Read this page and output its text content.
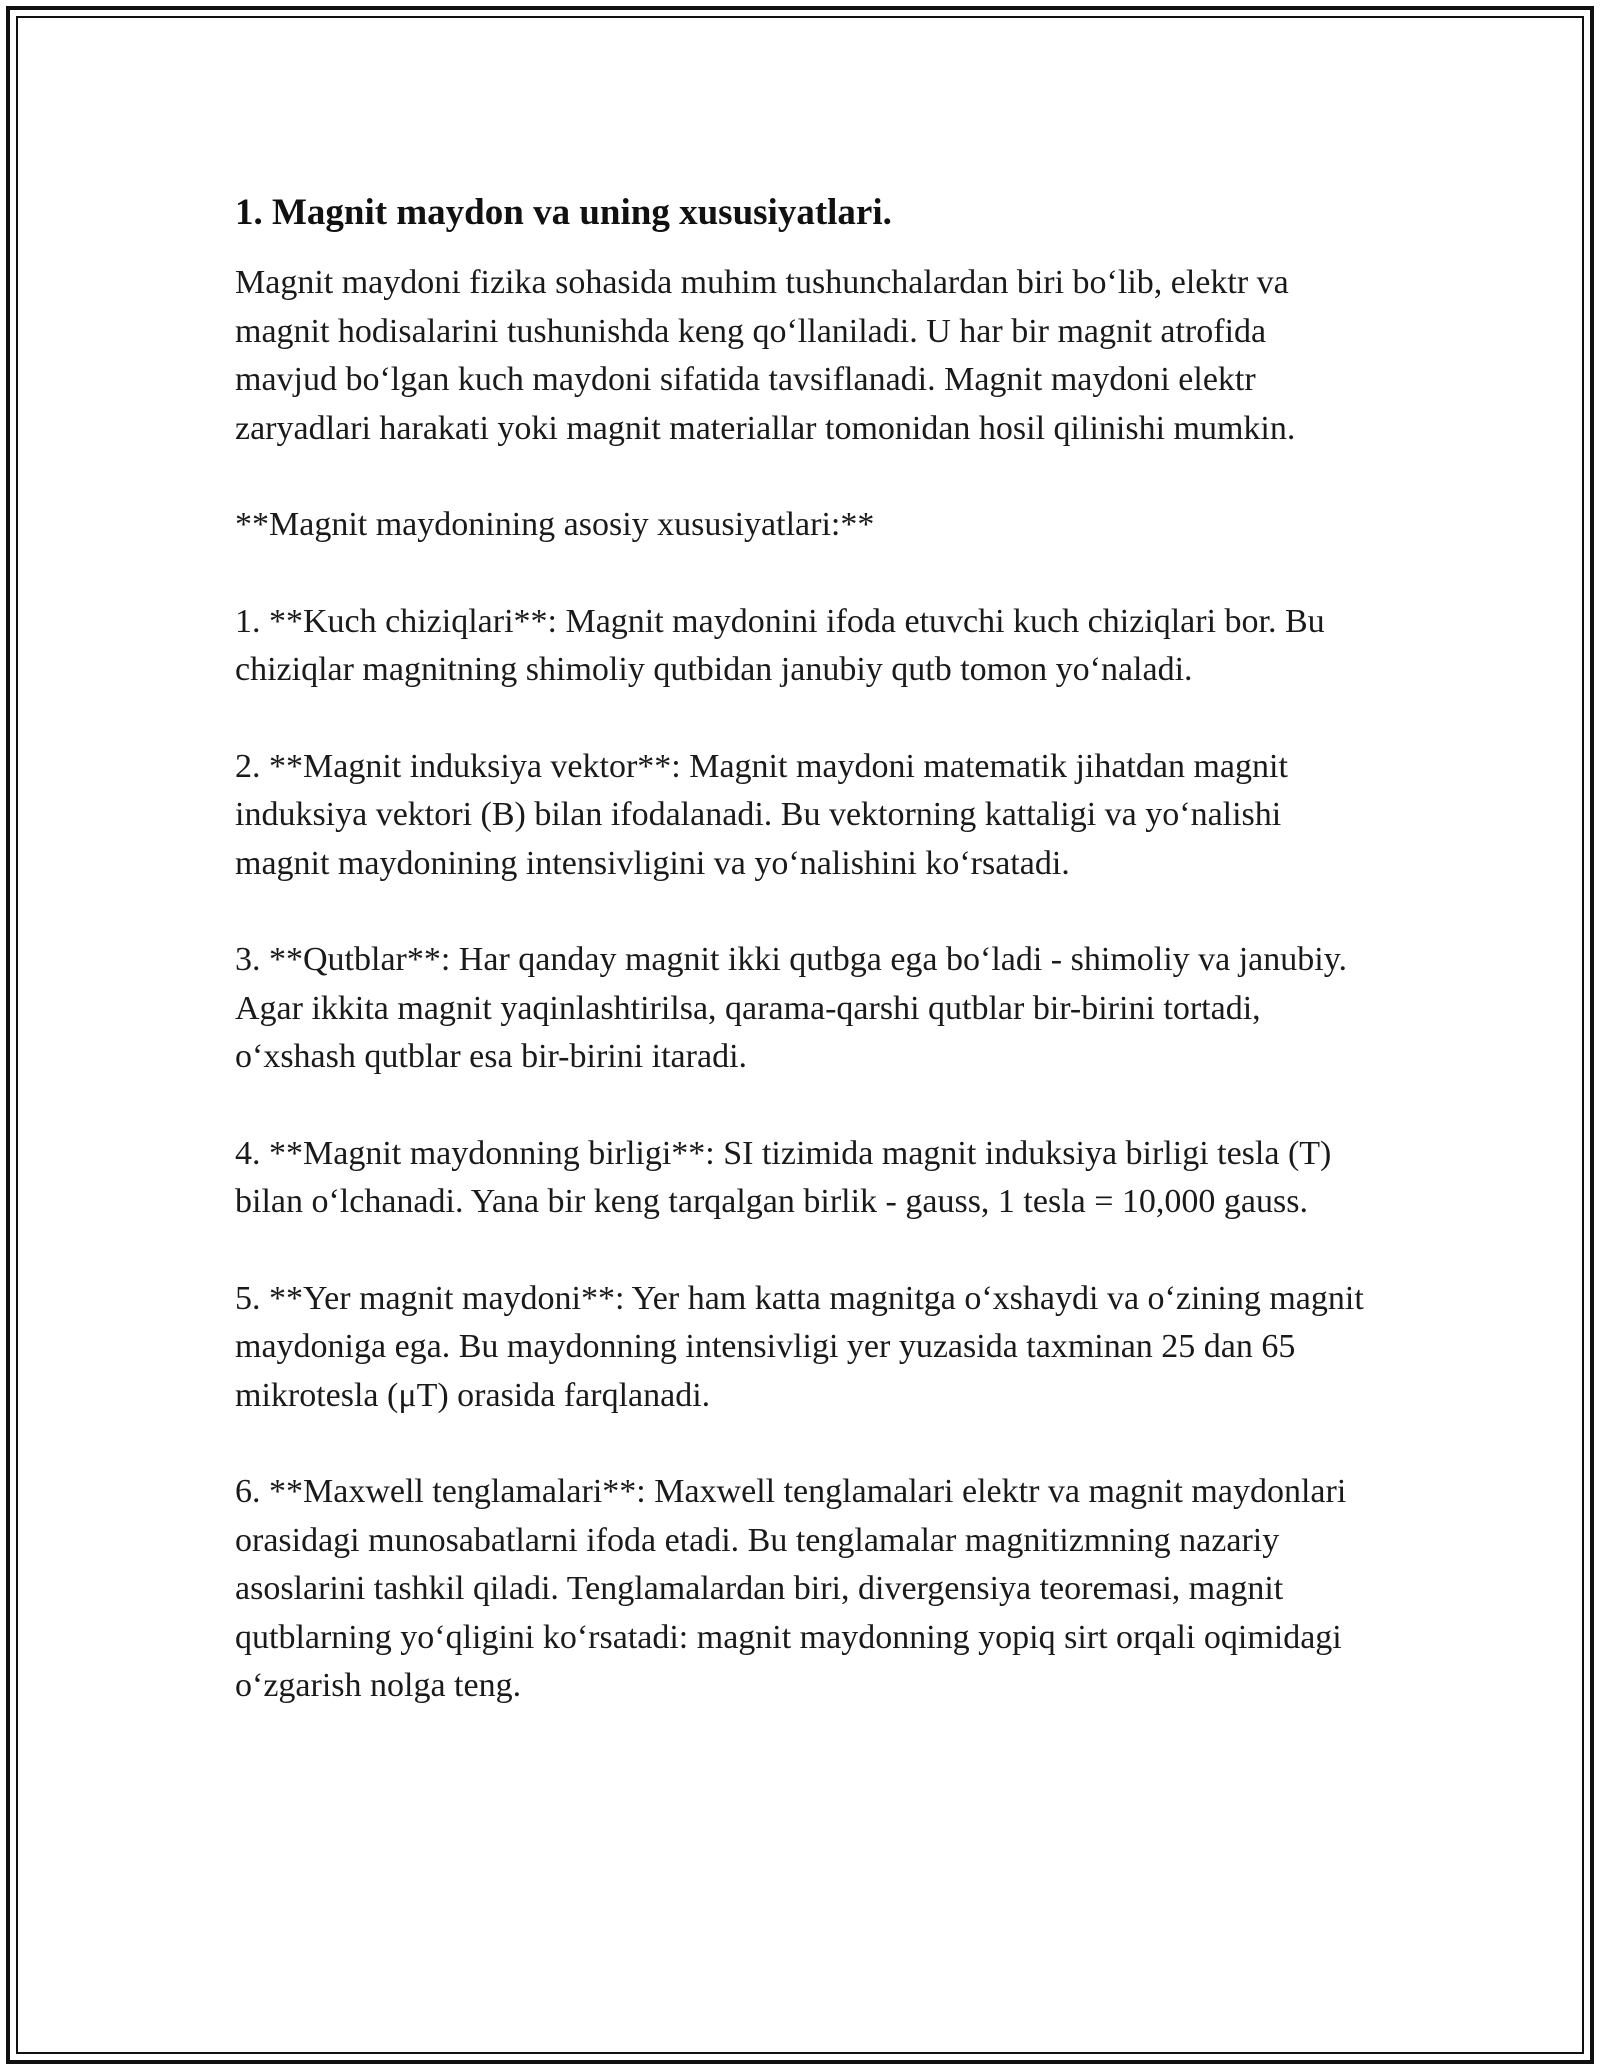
1. Magnit maydon va uning xususiyatlari.

Magnit maydoni fizika sohasida muhim tushunchalardan biri boʻlib, elektr va magnit hodisalarini tushunishda keng qoʻllaniladi. U har bir magnit atrofida mavjud boʻlgan kuch maydoni sifatida tavsiflanadi. Magnit maydoni elektr zaryadlari harakati yoki magnit materiallar tomonidan hosil qilinishi mumkin.

**Magnit maydonining asosiy xususiyatlari:**

1. **Kuch chiziqlari**: Magnit maydonini ifoda etuvchi kuch chiziqlari bor. Bu chiziqlar magnitning shimoliy qutbidan janubiy qutb tomon yoʻnaladi.

2. **Magnit induksiya vektor**: Magnit maydoni matematik jihatdan magnit induksiya vektori (B) bilan ifodalanadi. Bu vektorning kattaligi va yoʻnalishi magnit maydonining intensivligini va yoʻnalishini koʻrsatadi.

3. **Qutblar**: Har qanday magnit ikki qutbga ega boʻladi - shimoliy va janubiy. Agar ikkita magnit yaqinlashtirilsa, qarama-qarshi qutblar bir-birini tortadi, oʻxshash qutblar esa bir-birini itaradi.

4. **Magnit maydonning birligi**: SI tizimida magnit induksiya birligi tesla (T) bilan oʻlchanadi. Yana bir keng tarqalgan birlik - gauss, 1 tesla = 10,000 gauss.

5. **Yer magnit maydoni**: Yer ham katta magnitga oʻxshaydi va oʻzining magnit maydoniga ega. Bu maydonning intensivligi yer yuzasida taxminan 25 dan 65 mikrotesla (μT) orasida farqlanadi.

6. **Maxwell tenglamalari**: Maxwell tenglamalari elektr va magnit maydonlari orasidagi munosabatlarni ifoda etadi. Bu tenglamalar magnitizmning nazariy asoslarini tashkil qiladi. Tenglamalardan biri, divergensiya teoremasi, magnit qutblarning yoʻqligini koʻrsatadi: magnit maydonning yopiq sirt orqali oqimidagi oʻzgarish nolga teng.
